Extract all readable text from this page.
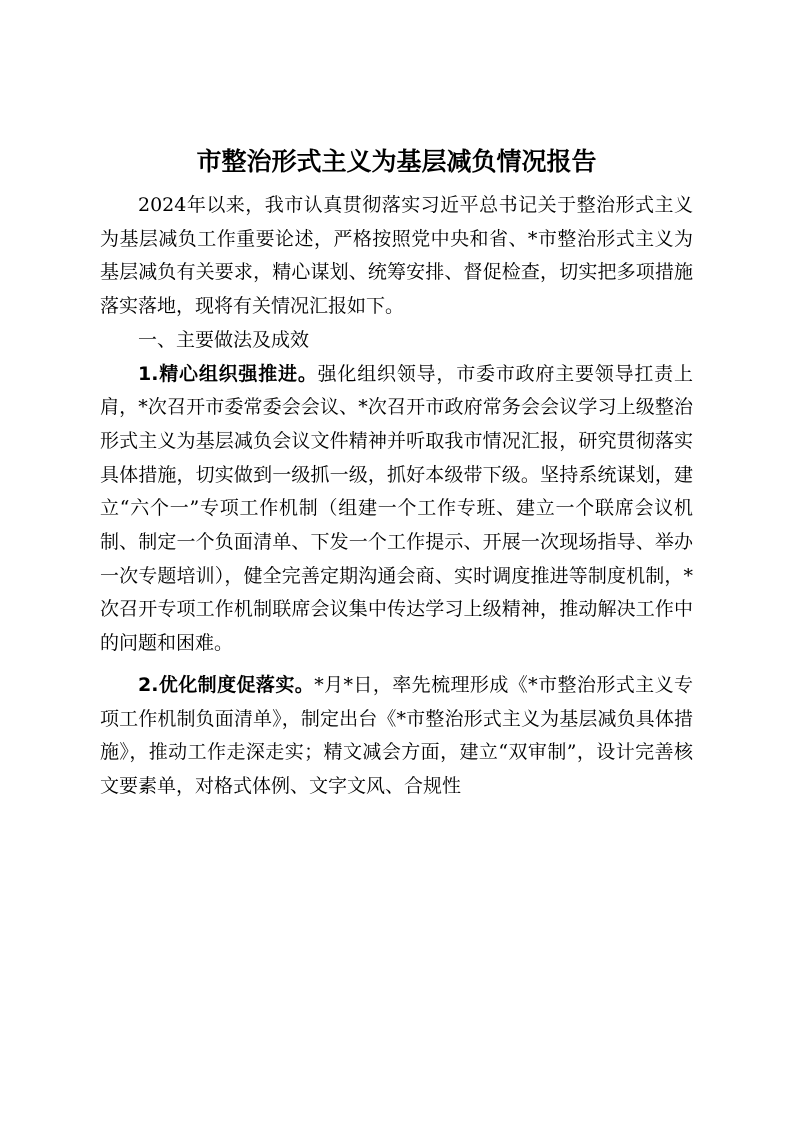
市整治形式主义为基层减负情况报告

2024年以来，我市认真贯彻落实习近平总书记关于整治形式主义为基层减负工作重要论述，严格按照党中央和省、*市整治形式主义为基层减负有关要求，精心谋划、统筹安排、督促检查，切实把多项措施落实落地，现将有关情况汇报如下。

一、主要做法及成效

1.精心组织强推进。强化组织领导，市委市政府主要领导扛责上肩，*次召开市委常委会会议、*次召开市政府常务会会议学习上级整治形式主义为基层减负会议文件精神并听取我市情况汇报，研究贯彻落实具体措施，切实做到一级抓一级，抓好本级带下级。坚持系统谋划，建立“六个一”专项工作机制（组建一个工作专班、建立一个联席会议机制、制定一个负面清单、下发一个工作提示、开展一次现场指导、举办一次专题培训），健全完善定期沟通会商、实时调度推进等制度机制，*次召开专项工作机制联席会议集中传达学习上级精神，推动解决工作中的问题和困难。

2.优化制度促落实。*月*日，率先梳理形成《*市整治形式主义专项工作机制负面清单》，制定出台《*市整治形式主义为基层减负具体措施》，推动工作走深走实；精文减会方面，建立“双审制”，设计完善核文要素单，对格式体例、文字文风、合规性
